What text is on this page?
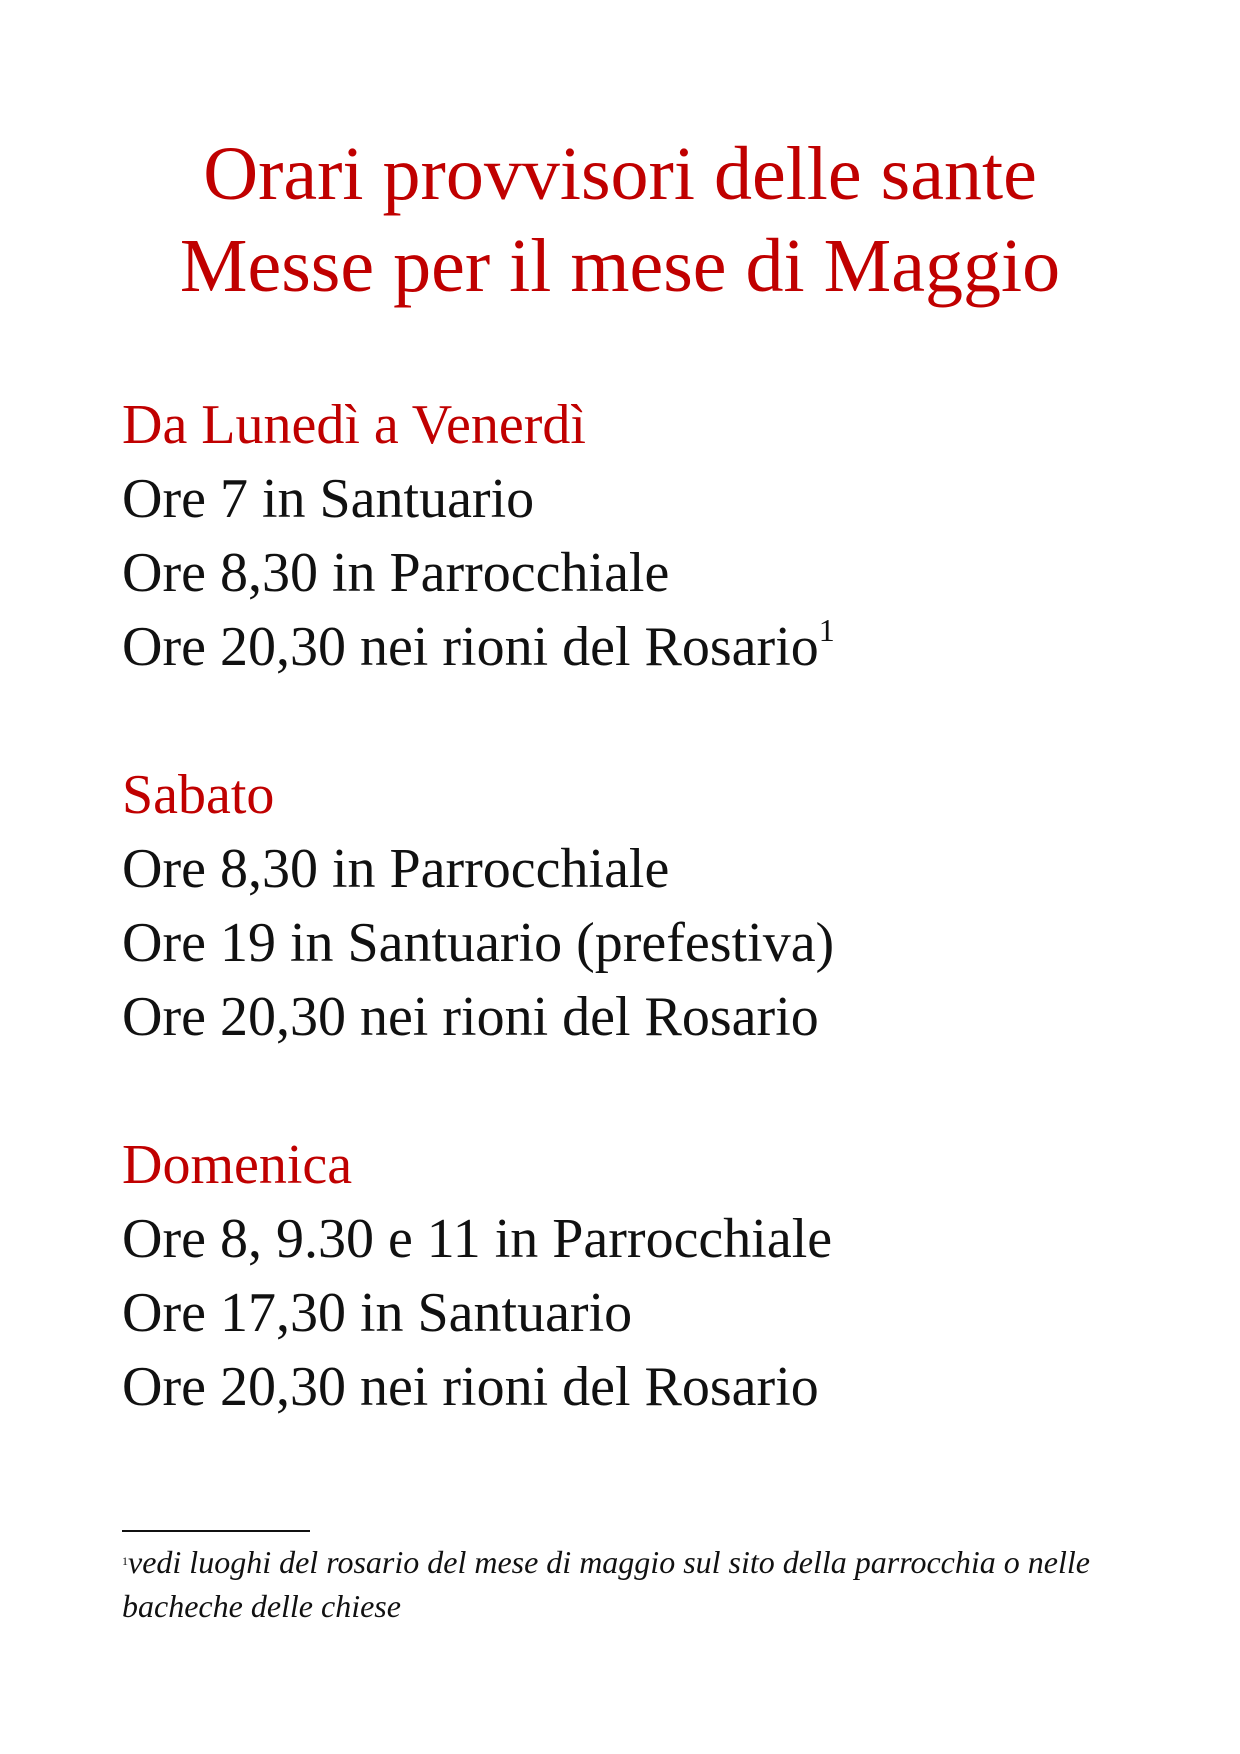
Orari provvisori delle sante
Messe per il mese di Maggio

Da Lunedì a Venerdì

Ore 7 in Santuario

Ore 8,30 in Parrocchiale

Ore 20,30 nei rioni del Rosario$^1$

Sabato

Ore 8,30 in Parrocchiale

Ore 19 in Santuario (prefestiva)

Ore 20,30 nei rioni del Rosario

Domenica

Ore 8, 9.30 e 11 in Parrocchiale

Ore 17,30 in Santuario

Ore 20,30 nei rioni del Rosario

$^1$vedi luoghi del rosario del mese di maggio sul sito della parrocchia o nelle bacheche delle chiese
